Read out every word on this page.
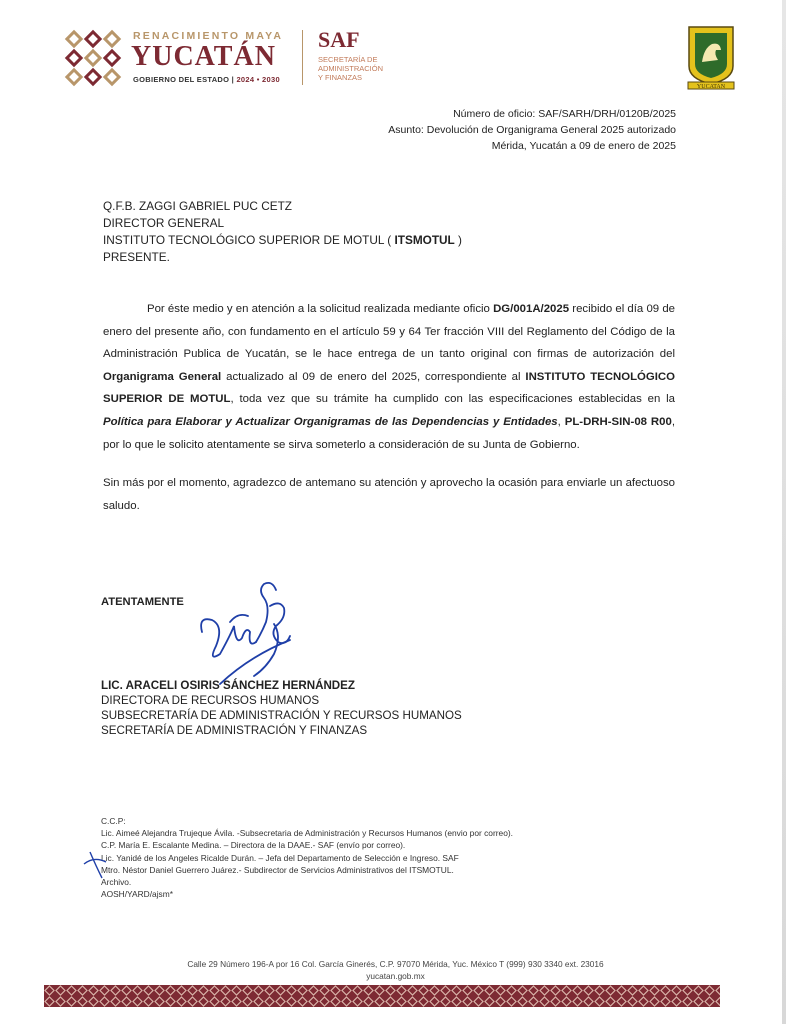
RENACIMIENTO MAYA
YUCATÁN
GOBIERNO DEL ESTADO | 2024 • 2030
SAF
SECRETARÍA DE
ADMINISTRACIÓN
Y FINANZAS
YUCATAN
Número de oficio: SAF/SARH/DRH/0120B/2025
Asunto: Devolución de Organigrama General 2025 autorizado
Mérida, Yucatán a 09 de enero de 2025
Q.F.B. ZAGGI GABRIEL PUC CETZ
DIRECTOR GENERAL
INSTITUTO TECNOLÓGICO SUPERIOR DE MOTUL ( ITSMOTUL )
PRESENTE.

Por éste medio y en atención a la solicitud realizada mediante oficio DG/001A/2025 recibido el día 09 de enero del presente año, con fundamento en el artículo 59 y 64 Ter fracción VIII del Reglamento del Código de la Administración Publica de Yucatán, se le hace entrega de un tanto original con firmas de autorización del Organigrama General actualizado al 09 de enero del 2025, correspondiente al INSTITUTO TECNOLÓGICO SUPERIOR DE MOTUL, toda vez que su trámite ha cumplido con las especificaciones establecidas en la Política para Elaborar y Actualizar Organigramas de las Dependencias y Entidades, PL-DRH-SIN-08 R00, por lo que le solicito atentamente se sirva someterlo a consideración de su Junta de Gobierno.

Sin más por el momento, agradezco de antemano su atención y aprovecho la ocasión para enviarle un afectuoso saludo.

ATENTAMENTE
LIC. ARACELI OSIRIS SÁNCHEZ HERNÁNDEZ
DIRECTORA DE RECURSOS HUMANOS
SUBSECRETARÍA DE ADMINISTRACIÓN Y RECURSOS HUMANOS
SECRETARÍA DE ADMINISTRACIÓN Y FINANZAS
C.C.P:
Lic. Aimeé Alejandra Trujeque Ávila. -Subsecretaria de Administración y Recursos Humanos (envio por correo).
C.P. María E. Escalante Medina. – Directora de la DAAE.- SAF (envío por correo).
Lic. Yanidé de los Angeles Ricalde Durán. – Jefa del Departamento de Selección e Ingreso. SAF
Mtro. Néstor Daniel Guerrero Juárez.- Subdirector de Servicios Administrativos del ITSMOTUL.
Archivo.
AOSH/YARD/ajsm*
Calle 29 Número 196-A por 16 Col. García Ginerés, C.P. 97070 Mérida, Yuc. México T (999) 930 3340 ext. 23016
yucatan.gob.mx
